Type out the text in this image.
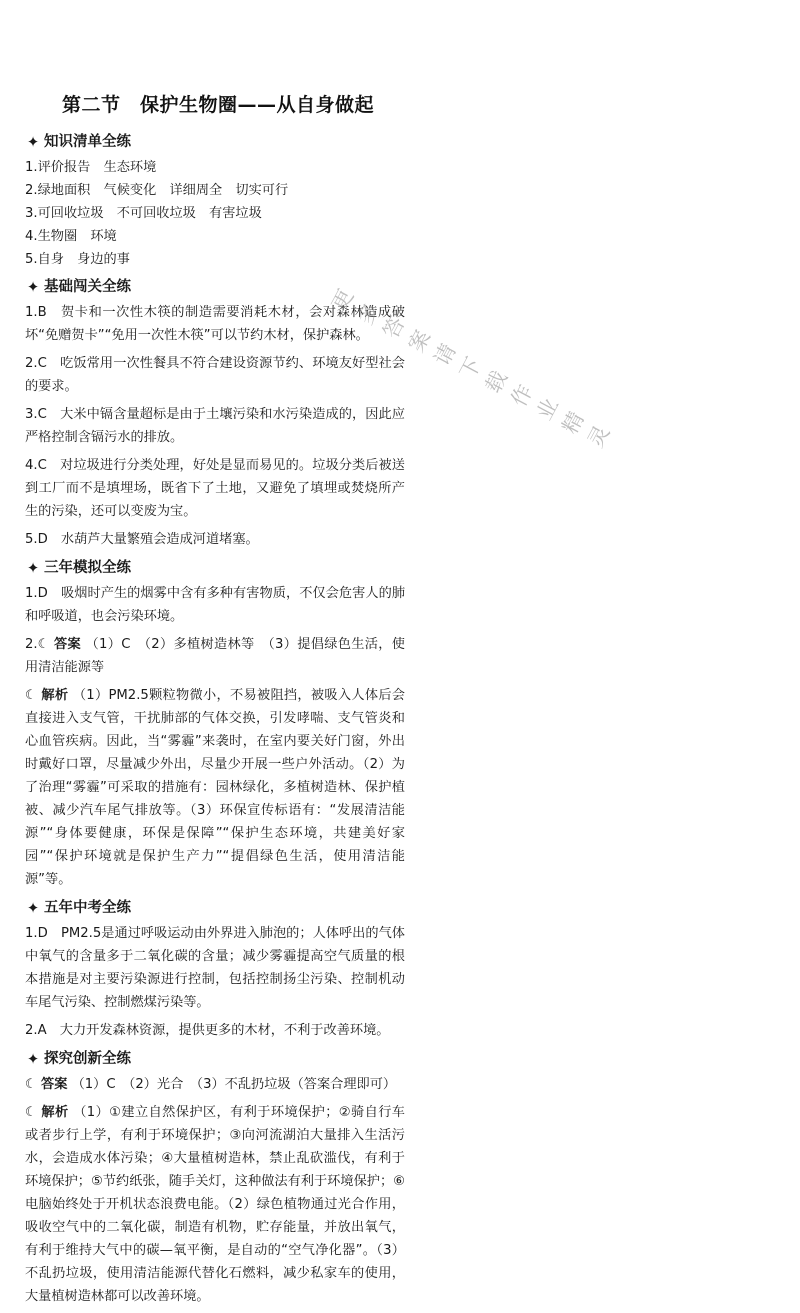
第二节　保护生物圈——从自身做起
✦ 知识清单全练
1.评价报告　生态环境
2.绿地面积　气候变化　详细周全　切实可行
3.可回收垃圾　不可回收垃圾　有害垃圾
4.生物圈　环境
5.自身　身边的事
✦ 基础闯关全练
1.B　贺卡和一次性木筷的制造需要消耗木材，会对森林造成破坏“免赠贺卡”“免用一次性木筷”可以节约木材，保护森林。
2.C　吃饭常用一次性餐具不符合建设资源节约、环境友好型社会的要求。
3.C　大米中镉含量超标是由于土壤污染和水污染造成的，因此应严格控制含镉污水的排放。
4.C　对垃圾进行分类处理，好处是显而易见的。垃圾分类后被送到工厂而不是填埋场，既省下了土地，又避免了填埋或焚烧所产生的污染，还可以变废为宝。
5.D　水葫芦大量繁殖会造成河道堵塞。
✦ 三年模拟全练
1.D　吸烟时产生的烟雾中含有多种有害物质，不仅会危害人的肺和呼吸道，也会污染环境。
2.☾ 答案 （1）C　（2）多植树造林等　（3）提倡绿色生活，使用清洁能源等
☾ 解析 （1）PM2.5颗粒物微小，不易被阻挡，被吸入人体后会直接进入支气管，干扰肺部的气体交换，引发哮喘、支气管炎和心血管疾病。因此，当“雾霾”来袭时，在室内要关好门窗，外出时戴好口罩，尽量减少外出，尽量少开展一些户外活动。（2）为了治理“雾霾”可采取的措施有：园林绿化，多植树造林、保护植被、减少汽车尾气排放等。（3）环保宣传标语有：“发展清洁能源”“身体要健康，环保是保障”“保护生态环境，共建美好家园”“保护环境就是保护生产力”“提倡绿色生活，使用清洁能源”等。
✦ 五年中考全练
1.D　PM2.5是通过呼吸运动由外界进入肺泡的；人体呼出的气体中氧气的含量多于二氧化碳的含量；减少雾霾提高空气质量的根本措施是对主要污染源进行控制，包括控制扬尘污染、控制机动车尾气污染、控制燃煤污染等。
2.A　大力开发森林资源，提供更多的木材，不利于改善环境。
✦ 探究创新全练
☾ 答案 （1）C　（2）光合　（3）不乱扔垃圾（答案合理即可）
☾ 解析 （1）①建立自然保护区，有利于环境保护；②骑自行车或者步行上学，有利于环境保护；③向河流湖泊大量排入生活污水，会造成水体污染；④大量植树造林，禁止乱砍滥伐，有利于环境保护；⑤节约纸张，随手关灯，这种做法有利于环境保护；⑥电脑始终处于开机状态浪费电能。（2）绿色植物通过光合作用，吸收空气中的二氧化碳，制造有机物，贮存能量，并放出氧气，有利于维持大气中的碳—氧平衡，是自动的“空气净化器”。（3）不乱扔垃圾，使用清洁能源代替化石燃料，减少私家车的使用，大量植树造林都可以改善环境。
更多答案请下载作业精灵
